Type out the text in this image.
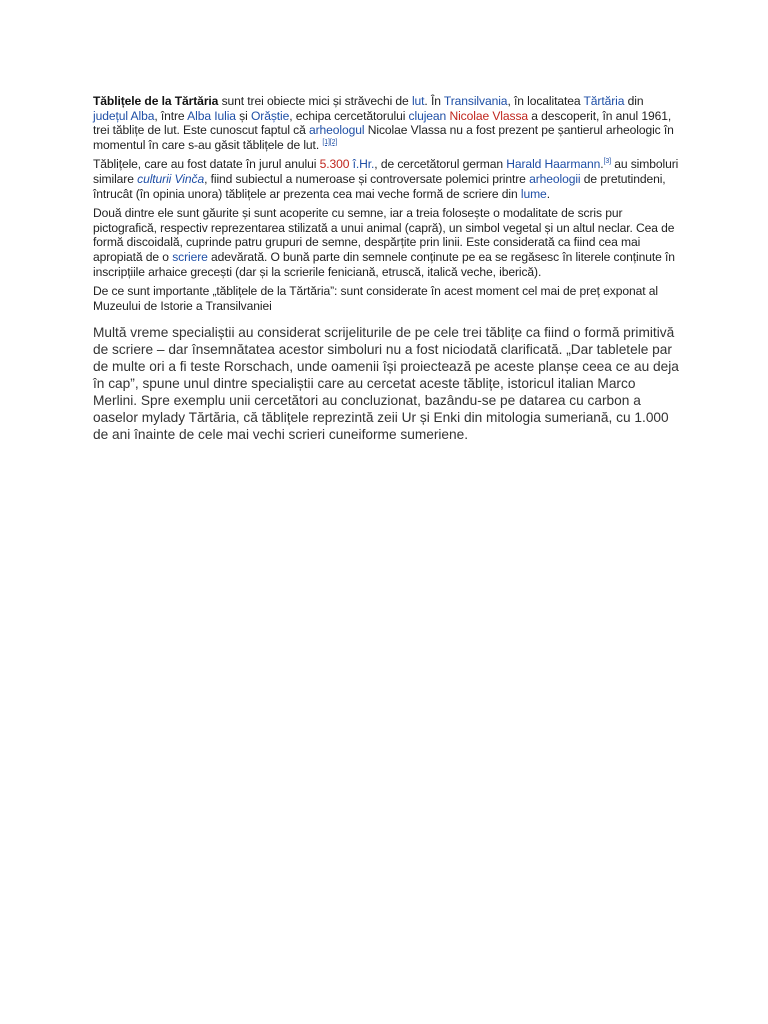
Tăblițele de la Tărtăria sunt trei obiecte mici și străvechi de lut. În Transilvania, în localitatea Tărtăria din județul Alba, între Alba Iulia și Orăștie, echipa cercetătorului clujean Nicolae Vlassa a descoperit, în anul 1961, trei tăblițe de lut. Este cunoscut faptul că arheologul Nicolae Vlassa nu a fost prezent pe șantierul arheologic în momentul în care s-au găsit tăblițele de lut. [1][2]

Tăblițele, care au fost datate în jurul anului 5.300 î.Hr., de cercetătorul german Harald Haarmann.[3] au simboluri similare culturii Vinča, fiind subiectul a numeroase și controversate polemici printre arheologii de pretutindeni, întrucât (în opinia unora) tăblițele ar prezenta cea mai veche formă de scriere din lume.

Două dintre ele sunt găurite și sunt acoperite cu semne, iar a treia folosește o modalitate de scris pur pictografică, respectiv reprezentarea stilizată a unui animal (capră), un simbol vegetal și un altul neclar. Cea de formă discoidală, cuprinde patru grupuri de semne, despărțite prin linii. Este considerată ca fiind cea mai apropiată de o scriere adevărată. O bună parte din semnele conținute pe ea se regăsesc în literele conținute în inscripțiile arhaice grecești (dar și la scrierile feniciană, etruscă, italică veche, iberică).

De ce sunt importante „tăblițele de la Tărtăria”: sunt considerate în acest moment cel mai de preț exponat al Muzeului de Istorie a Transilvaniei

Multă vreme specialiștii au considerat scrijeliturile de pe cele trei tăblițe ca fiind o formă primitivă de scriere – dar însemnătatea acestor simboluri nu a fost niciodată clarificată. „Dar tabletele par de multe ori a fi teste Rorschach, unde oamenii își proiectează pe aceste planșe ceea ce au deja în cap”, spune unul dintre specialiștii care au cercetat aceste tăblițe, istoricul italian Marco Merlini. Spre exemplu unii cercetători au concluzionat, bazându-se pe datarea cu carbon a oaselor mylady Tărtăria, că tăblițele reprezintă zeii Ur și Enki din mitologia sumeriană, cu 1.000 de ani înainte de cele mai vechi scrieri cuneiforme sumeriene.
